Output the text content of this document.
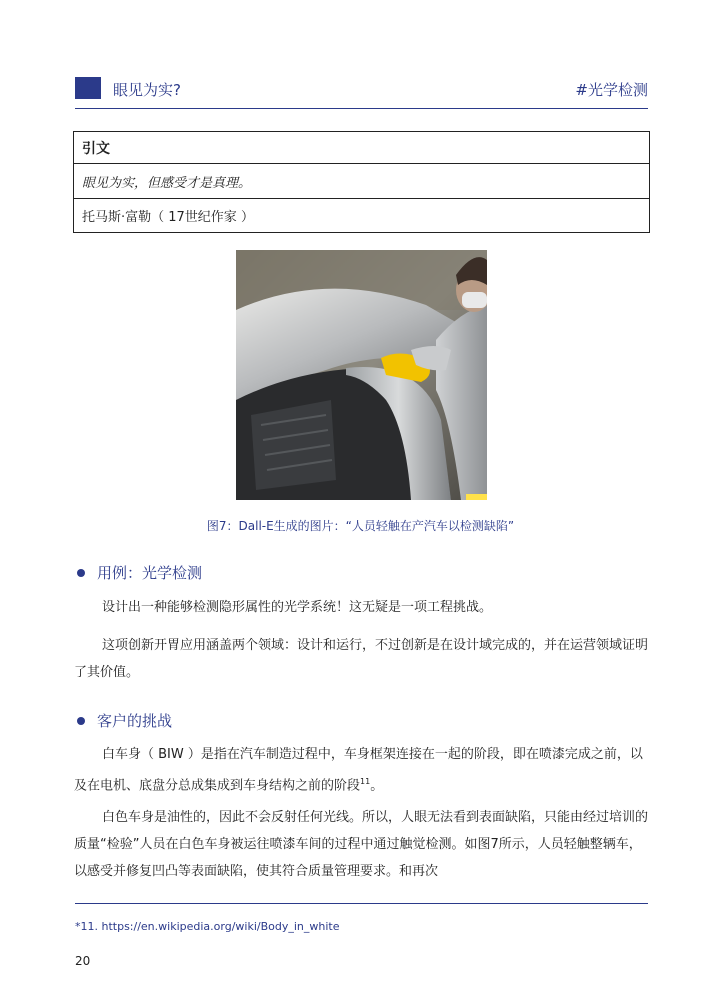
眼见为实?	#光学检测
引文
眼见为实，但感受才是真理。
托马斯·富勒（ 17世纪作家 ）
图7：Dall-E生成的图片：“人员轻触在产汽车以检测缺陷”
用例：光学检测
设计出一种能够检测隐形属性的光学系统！这无疑是一项工程挑战。
这项创新开胃应用涵盖两个领域：设计和运行，不过创新是在设计域完成的，并在运营领域证明了其价值。
客户的挑战
白车身（ BIW ）是指在汽车制造过程中，车身框架连接在一起的阶段，即在喷漆完成之前，以及在电机、底盘分总成集成到车身结构之前的阶段$^{11}$。
白色车身是油性的，因此不会反射任何光线。所以，人眼无法看到表面缺陷，只能由经过培训的质量“检验”人员在白色车身被运往喷漆车间的过程中通过触觉检测。如图7所示，人员轻触整辆车，以感受并修复凹凸等表面缺陷，使其符合质量管理要求。和再次
*11. https://en.wikipedia.org/wiki/Body_in_white
20
